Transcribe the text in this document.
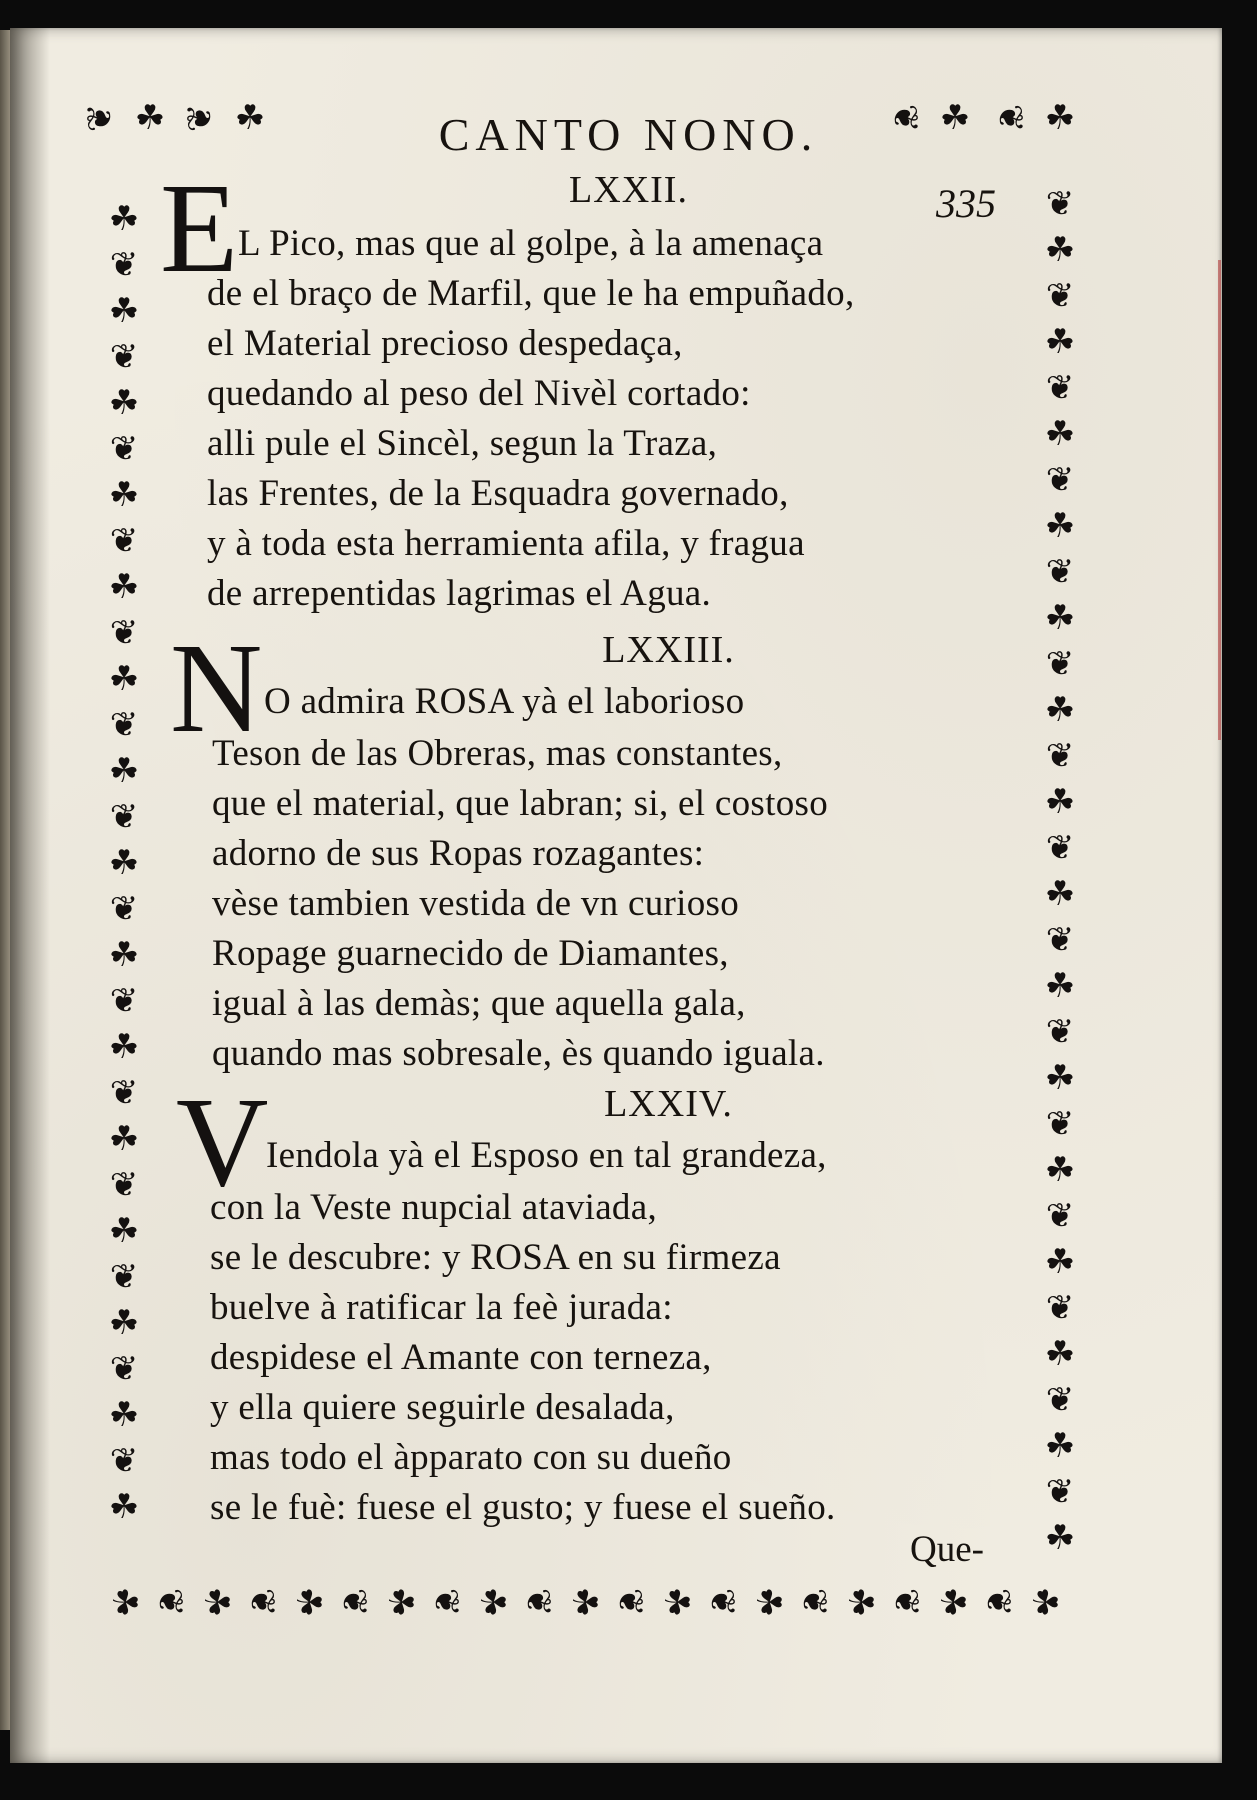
❦ ☘ ❦ ☘	❦ ☘ ❦ ☘
☘
❦
☘
❦
☘
❦
☘
❦
☘
❦
☘
❦
☘
❦
☘
❦
☘
❦
☘
❦
☘
❦
☘
❦
☘
❦
☘
❦
☘
❦
☘
❦
☘
❦
☘
❦
☘
❦
☘
❦
☘
❦
☘
❦
☘
❦
☘
❦
☘
❦
☘
❦
☘
❦
☘
❦
☘
❦
☘
☘ ❦ ☘ ❦ ☘ ❦ ☘ ❦ ☘ ❦ ☘ ❦ ☘ ❦ ☘ ❦ ☘ ❦ ☘ ❦ ☘
CANTO NONO.
335
LXXII.
E L Pico, mas que al golpe, à la amenaça
de el braço de Marfil, que le ha empuñado,
el Material precioso despedaça,
quedando al peso del Nivèl cortado:
alli pule el Sincèl, segun la Traza,
las Frentes, de la Esquadra governado,
y à toda esta herramienta afila, y fragua
de arrepentidas lagrimas el Agua.
LXXIII.
N O admira ROSA yà el laborioso
Teson de las Obreras, mas constantes,
que el material, que labran; si, el costoso
adorno de sus Ropas rozagantes:
vèse tambien vestida de vn curioso
Ropage guarnecido de Diamantes,
igual à las demàs; que aquella gala,
quando mas sobresale, ès quando iguala.
LXXIV.
V
Iendola yà el Esposo en tal grandeza,
con la Veste nupcial ataviada,
se le descubre: y ROSA en su firmeza
buelve à ratificar la feè jurada:
despidese el Amante con terneza,
y ella quiere seguirle desalada,
mas todo el àpparato con su dueño
se le fuè: fuese el gusto; y fuese el sueño.
Que-
